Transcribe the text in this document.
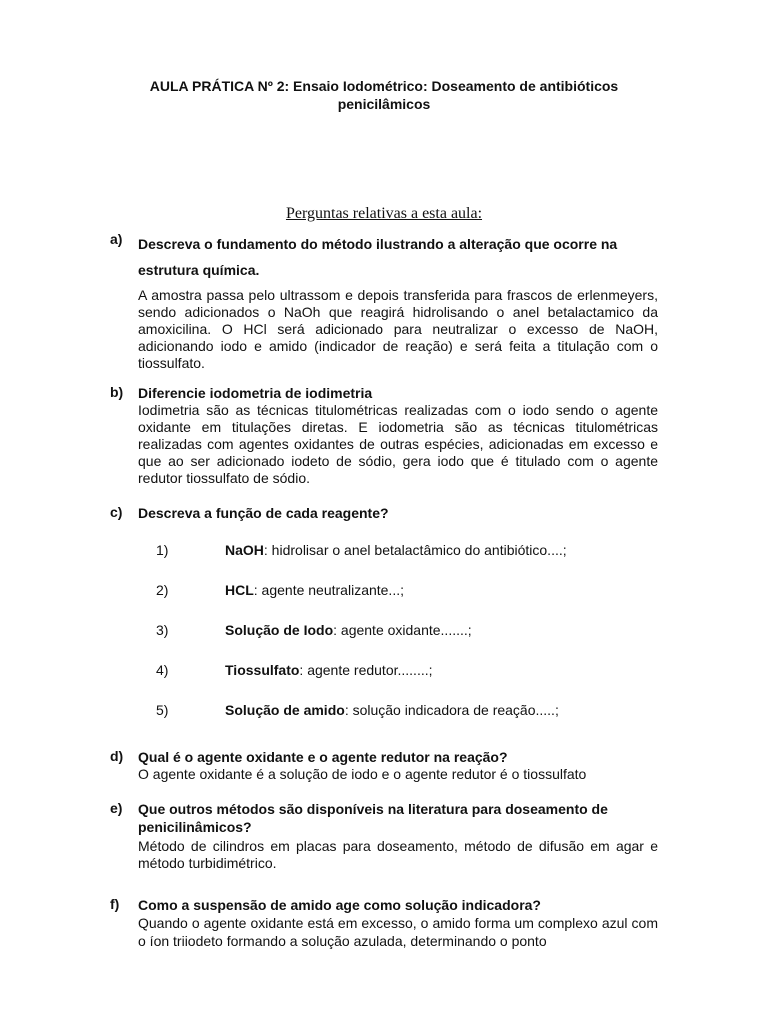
AULA PRÁTICA Nº 2: Ensaio Iodométrico: Doseamento de antibióticos penicilâmicos
Perguntas relativas a esta aula:
a) Descreva o fundamento do método ilustrando a alteração que ocorre na estrutura química.
A amostra passa pelo ultrassom e depois transferida para frascos de erlenmeyers, sendo adicionados o NaOh que reagirá hidrolisando o anel betalactamico da amoxicilina. O HCl será adicionado para neutralizar o excesso de NaOH, adicionando iodo e amido (indicador de reação) e será feita a titulação com o tiossulfato.
b) Diferencie iodometria de iodimetria
Iodimetria são as técnicas titulométricas realizadas com o iodo sendo o agente oxidante em titulações diretas. E iodometria são as técnicas titulométricas realizadas com agentes oxidantes de outras espécies, adicionadas em excesso e que ao ser adicionado iodeto de sódio, gera iodo que é titulado com o agente redutor tiossulfato de sódio.
c) Descreva a função de cada reagente?
1)	NaOH: hidrolisar o anel betalactâmico do antibiótico....;
2)	HCL: agente neutralizante...;
3)	Solução de Iodo: agente oxidante.......;
4)	Tiossulfato: agente redutor........;
5)	Solução de amido: solução indicadora de reação.....;
d) Qual é o agente oxidante e o agente redutor na reação?
O agente oxidante é a solução de iodo e o agente redutor é o tiossulfato
e) Que outros métodos são disponíveis na literatura para doseamento de penicilinâmicos?
Método de cilindros em placas para doseamento, método de difusão em agar e método turbidimétrico.
f) Como a suspensão de amido age como solução indicadora?
Quando o agente oxidante está em excesso, o amido forma um complexo azul com o íon triiodeto formando a solução azulada, determinando o ponto
